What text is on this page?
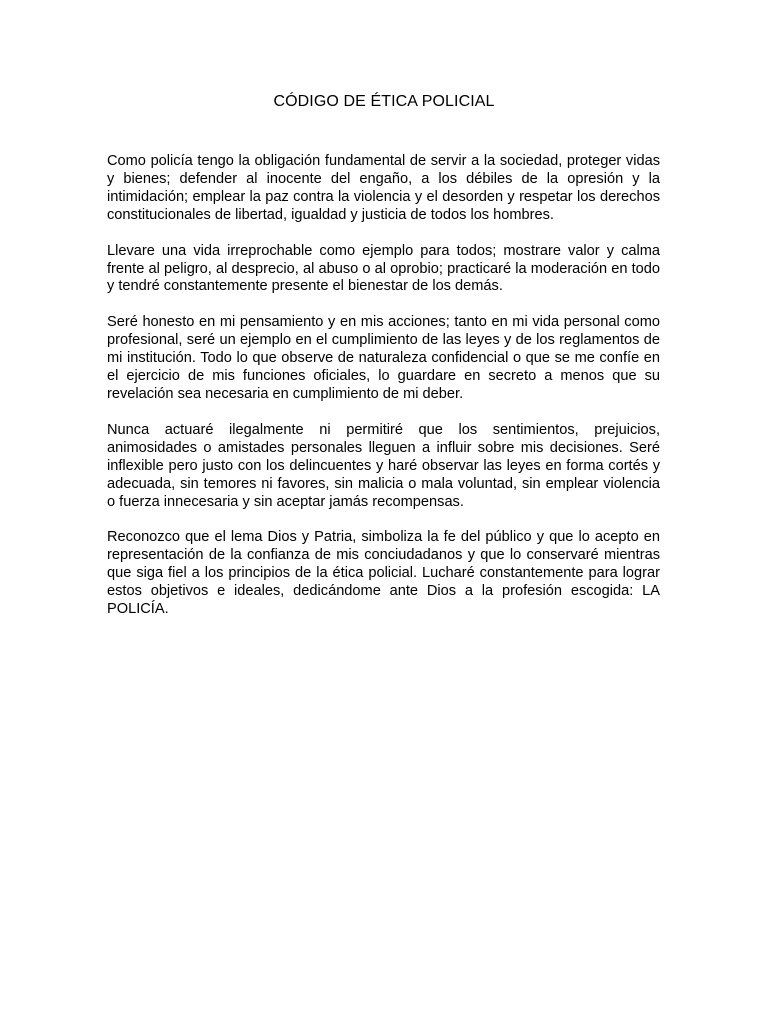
CÓDIGO DE ÉTICA POLICIAL

Como policía tengo la obligación fundamental de servir a la sociedad, proteger vidas y bienes; defender al inocente del engaño, a los débiles de la opresión y la intimidación; emplear la paz contra la violencia y el desorden y respetar los derechos constitucionales de libertad, igualdad y justicia de todos los hombres.

Llevare una vida irreprochable como ejemplo para todos; mostrare valor y calma frente al peligro, al desprecio, al abuso o al oprobio; practicaré la moderación en todo y tendré constantemente presente el bienestar de los demás.

Seré honesto en mi pensamiento y en mis acciones; tanto en mi vida personal como profesional, seré un ejemplo en el cumplimiento de las leyes y de los reglamentos de mi institución. Todo lo que observe de naturaleza confidencial o que se me confíe en el ejercicio de mis funciones oficiales, lo guardare en secreto a menos que su revelación sea necesaria en cumplimiento de mi deber.

Nunca actuaré ilegalmente ni permitiré que los sentimientos, prejuicios, animosidades o amistades personales lleguen a influir sobre mis decisiones. Seré inflexible pero justo con los delincuentes y haré observar las leyes en forma cortés y adecuada, sin temores ni favores, sin malicia o mala voluntad, sin emplear violencia o fuerza innecesaria y sin aceptar jamás recompensas.

Reconozco que el lema Dios y Patria, simboliza la fe del público y que lo acepto en representación de la confianza de mis conciudadanos y que lo conservaré mientras que siga fiel a los principios de la ética policial. Lucharé constantemente para lograr estos objetivos e ideales, dedicándome ante Dios a la profesión escogida: LA POLICÍA.
